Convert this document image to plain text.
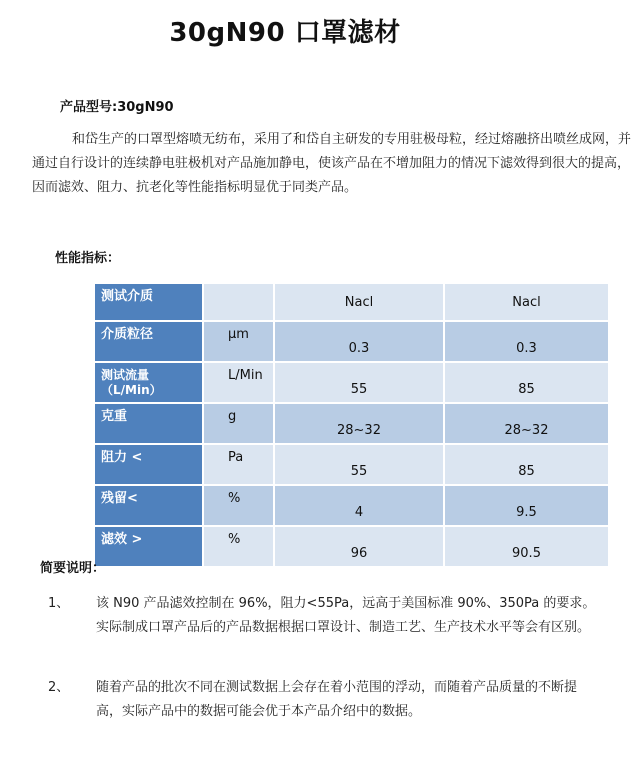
30gN90 口罩滤材
产品型号:30gN90
和岱生产的口罩型熔喷无纺布，采用了和岱自主研发的专用驻极母粒，经过熔融挤出喷丝成网，并通过自行设计的连续静电驻极机对产品施加静电，使该产品在不增加阻力的情况下滤效得到很大的提高，因而滤效、阻力、抗老化等性能指标明显优于同类产品。
性能指标：
测试介质		Nacl	Nacl
介质粒径	μm	0.3	0.3
测试流量 （L/Min）	L/Min	55	85
克重	g	28~32	28~32
阻力 <	Pa	55	85
残留<	%	4	9.5
滤效 >	%	96	90.5
简要说明：
1、 该 N90 产品滤效控制在 96%，阻力<55Pa，远高于美国标准 90%、350Pa 的要求。实际制成口罩产品后的产品数据根据口罩设计、制造工艺、生产技术水平等会有区别。
2、 随着产品的批次不同在测试数据上会存在着小范围的浮动，而随着产品质量的不断提高，实际产品中的数据可能会优于本产品介绍中的数据。
